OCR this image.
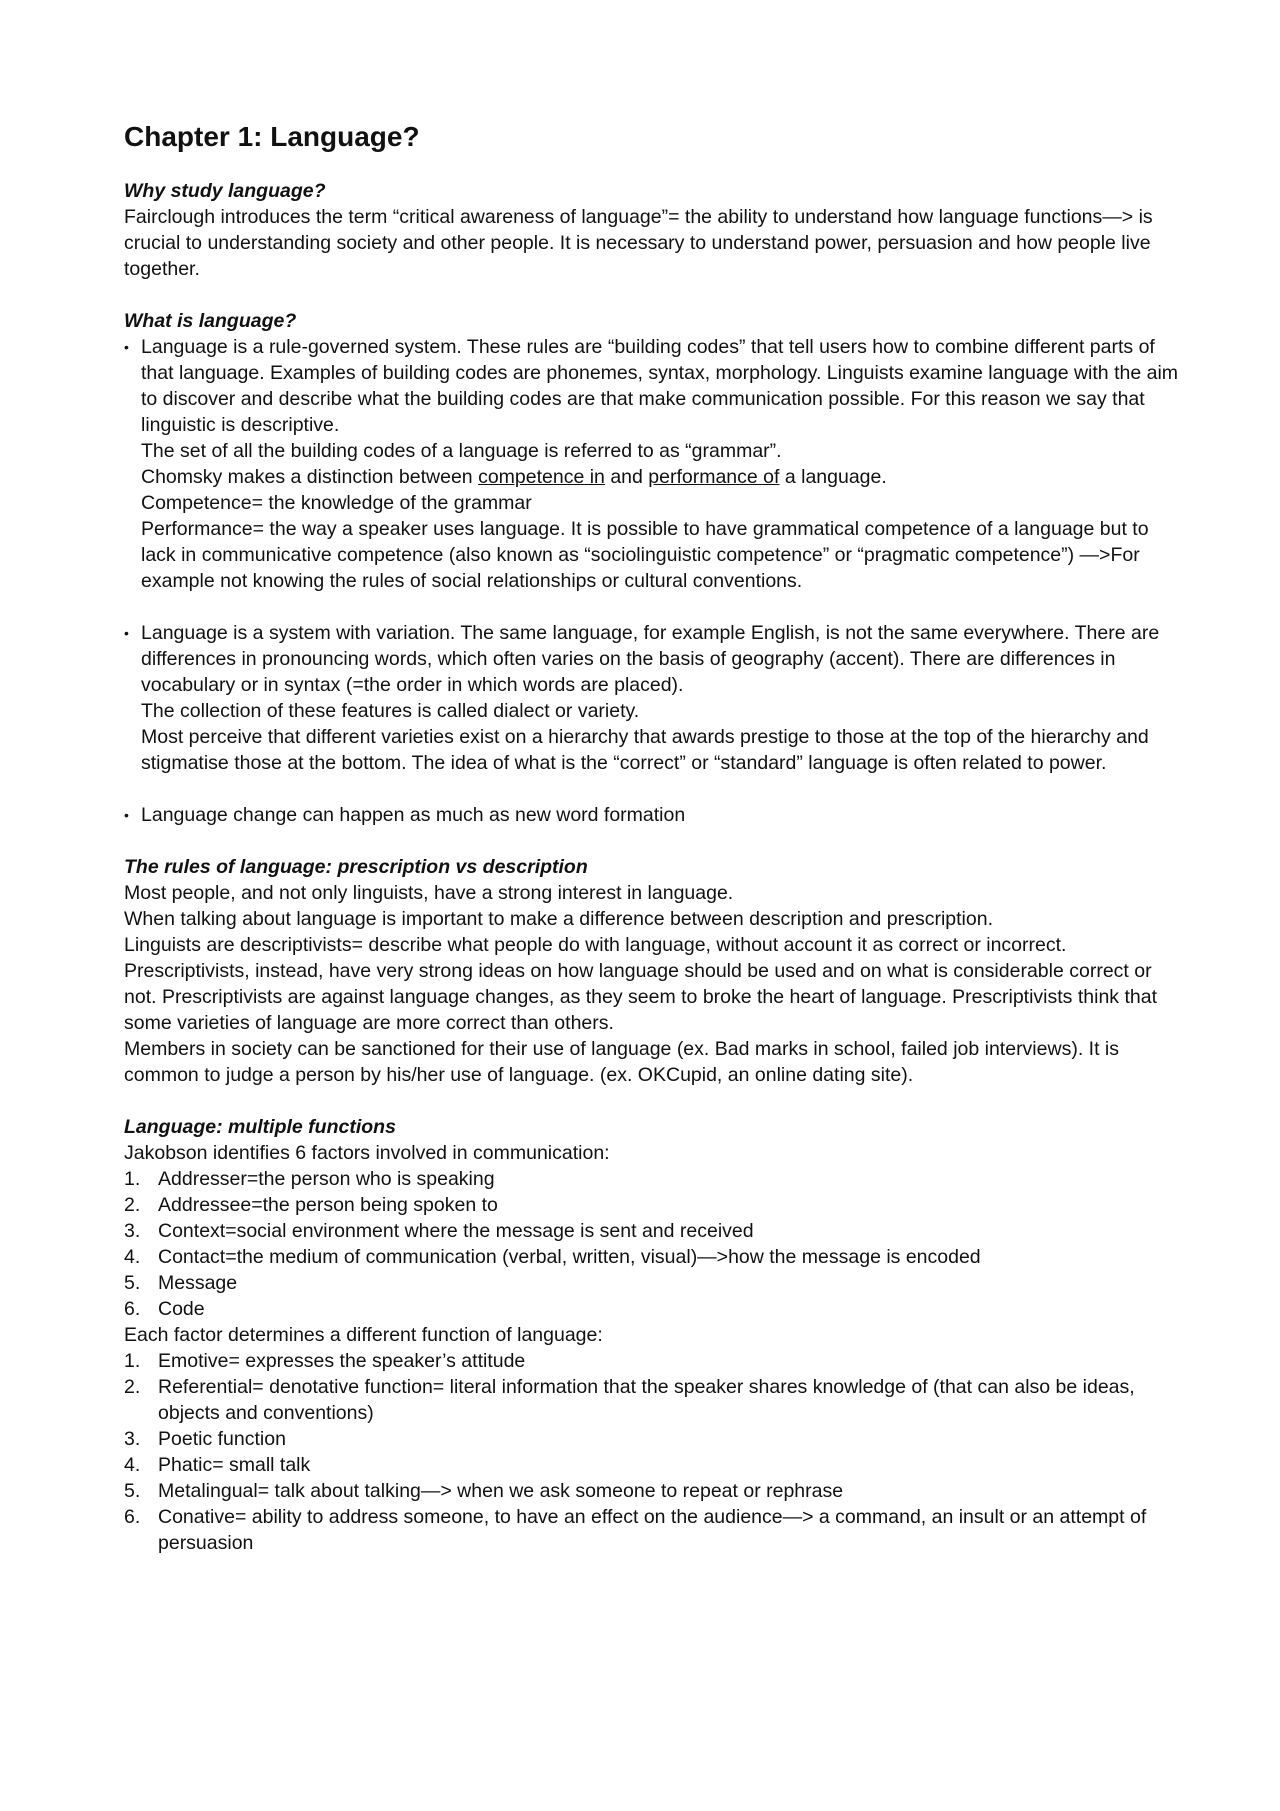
Chapter 1: Language?

Why study language?

Fairclough introduces the term “critical awareness of language”= the ability to understand how language functions—> is crucial to understanding society and other people. It is necessary to understand power, persuasion and how people live together.

What is language?

• Language is a rule-governed system. These rules are “building codes” that tell users how to combine different parts of that language. Examples of building codes are phonemes, syntax, morphology. Linguists examine language with the aim to discover and describe what the building codes are that make communication possible. For this reason we say that linguistic is descriptive.
The set of all the building codes of a language is referred to as “grammar”.
Chomsky makes a distinction between competence in and performance of a language.
Competence= the knowledge of the grammar
Performance= the way a speaker uses language. It is possible to have grammatical competence of a language but to lack in communicative competence (also known as “sociolinguistic competence” or “pragmatic competence”) —>For example not knowing the rules of social relationships or cultural conventions.
• Language is a system with variation. The same language, for example English, is not the same everywhere. There are differences in pronouncing words, which often varies on the basis of geography (accent). There are differences in vocabulary or in syntax (=the order in which words are placed).
The collection of these features is called dialect or variety.
Most perceive that different varieties exist on a hierarchy that awards prestige to those at the top of the hierarchy and stigmatise those at the bottom. The idea of what is the “correct” or “standard” language is often related to power.
• Language change can happen as much as new word formation

The rules of language: prescription vs description

Most people, and not only linguists, have a strong interest in language.

When talking about language is important to make a difference between description and prescription.

Linguists are descriptivists= describe what people do with language, without account it as correct or incorrect.

Prescriptivists, instead, have very strong ideas on how language should be used and on what is considerable correct or not. Prescriptivists are against language changes, as they seem to broke the heart of language. Prescriptivists think that some varieties of language are more correct than others.

Members in society can be sanctioned for their use of language (ex. Bad marks in school, failed job interviews). It is common to judge a person by his/her use of language. (ex. OKCupid, an online dating site).

Language: multiple functions

Jakobson identifies 6 factors involved in communication:

1. Addresser=the person who is speaking
2. Addressee=the person being spoken to
3. Context=social environment where the message is sent and received
4. Contact=the medium of communication (verbal, written, visual)—>how the message is encoded
5. Message
6. Code

Each factor determines a different function of language:

1. Emotive= expresses the speaker’s attitude
2. Referential= denotative function= literal information that the speaker shares knowledge of (that can also be ideas, objects and conventions)
3. Poetic function
4. Phatic= small talk
5. Metalingual= talk about talking—> when we ask someone to repeat or rephrase
6. Conative= ability to address someone, to have an effect on the audience—> a command, an insult or an attempt of persuasion
